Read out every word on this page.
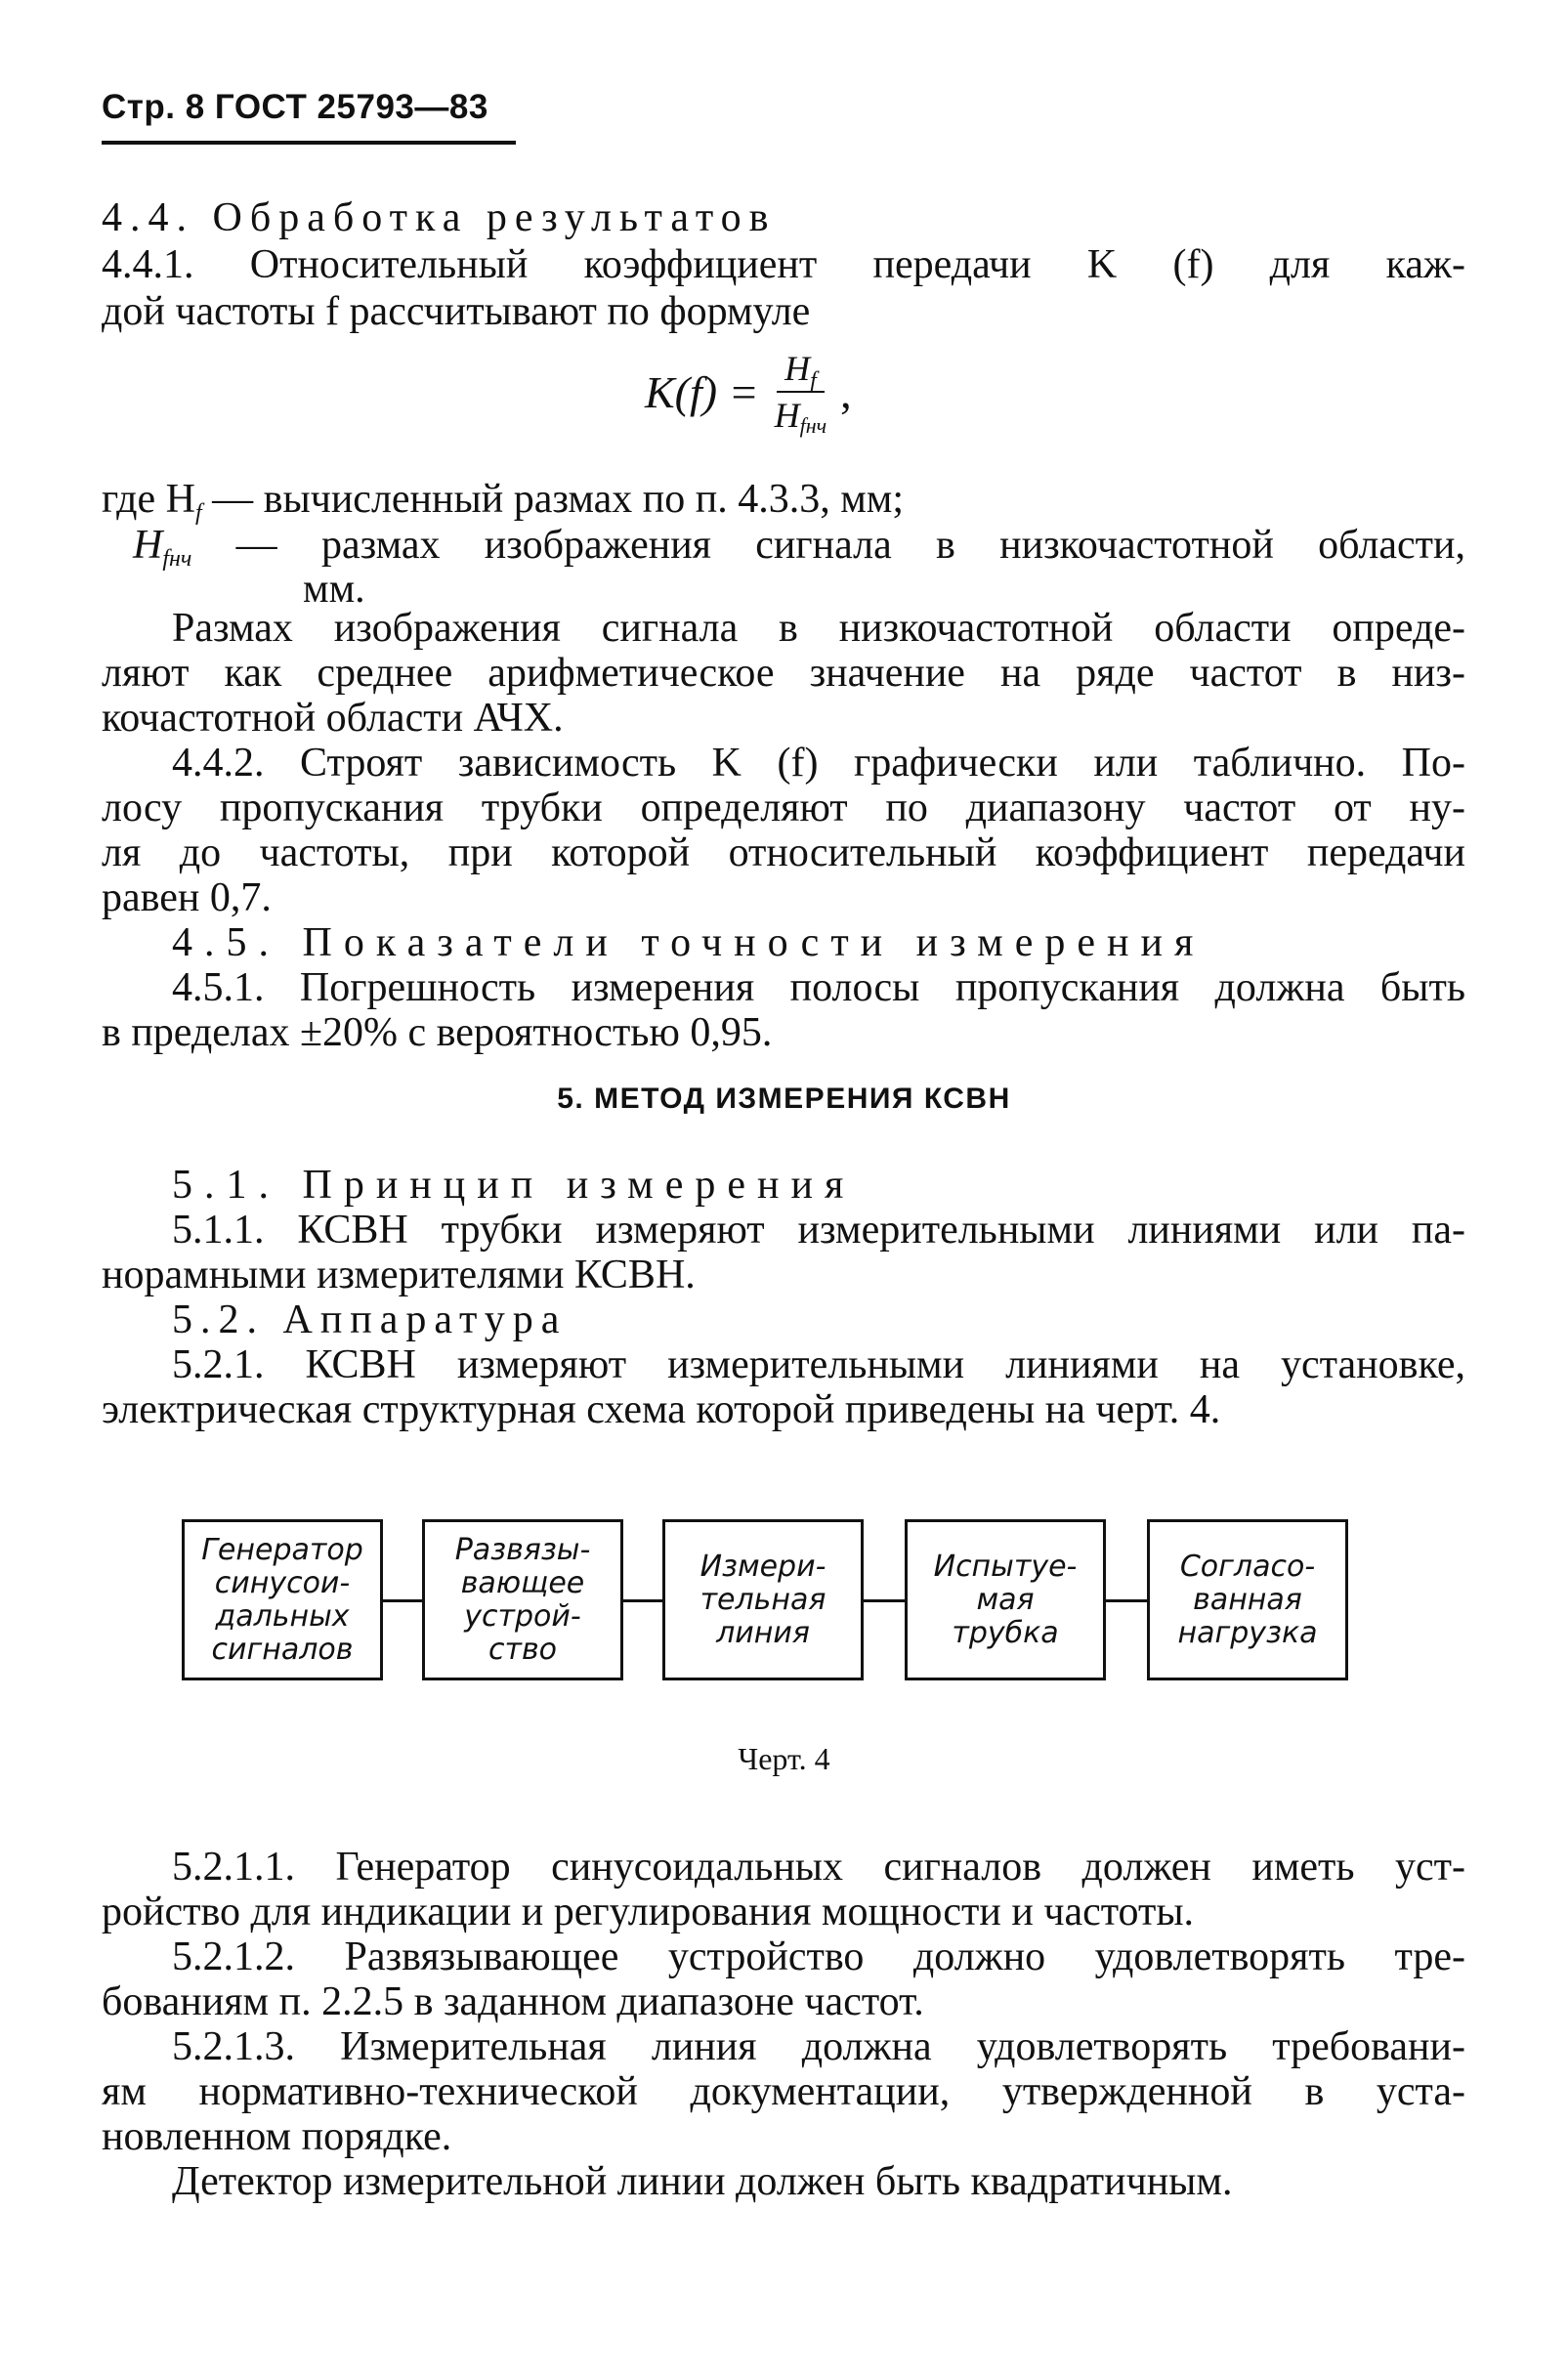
Стр. 8 ГОСТ 25793—83
4.4. Обработка результатов
4.4.1. Относительный коэффициент передачи K (f) для каж-
дой частоты f рассчитывают по формуле
$K(f) = \frac{H_f}{\text{Hfнч}}$ ,
где Hf — вычисленный размах по п. 4.3.3, мм;
Hfнч — размах изображения сигнала в низкочастотной области,
мм.
Размах изображения сигнала в низкочастотной области опреде-
ляют как среднее арифметическое значение на ряде частот в низ-
кочастотной области АЧХ.
4.4.2. Строят зависимость K (f) графически или таблично. По-
лосу пропускания трубки определяют по диапазону частот от ну-
ля до частоты, при которой относительный коэффициент передачи
равен 0,7.
4.5. Показатели точности измерения
4.5.1. Погрешность измерения полосы пропускания должна быть
в пределах ±20% с вероятностью 0,95.
5. МЕТОД ИЗМЕРЕНИЯ КСВН
5.1. Принцип измерения
5.1.1. КСВН трубки измеряют измерительными линиями или па-
норамными измерителями КСВН.
5.2. Аппаратура
5.2.1. КСВН измеряют измерительными линиями на установке,
электрическая структурная схема которой приведены на черт. 4.
Генератор
синусои-
дальных
сигналов
Развязы-
вающее
устрой-
ство
Измери-
тельная
линия
Испытуе-
мая
трубка
Согласо-
ванная
нагрузка
Черт. 4
5.2.1.1. Генератор синусоидальных сигналов должен иметь уст-
ройство для индикации и регулирования мощности и частоты.
5.2.1.2. Развязывающее устройство должно удовлетворять тре-
бованиям п. 2.2.5 в заданном диапазоне частот.
5.2.1.3. Измерительная линия должна удовлетворять требовани-
ям нормативно-технической документации, утвержденной в уста-
новленном порядке.
Детектор измерительной линии должен быть квадратичным.
